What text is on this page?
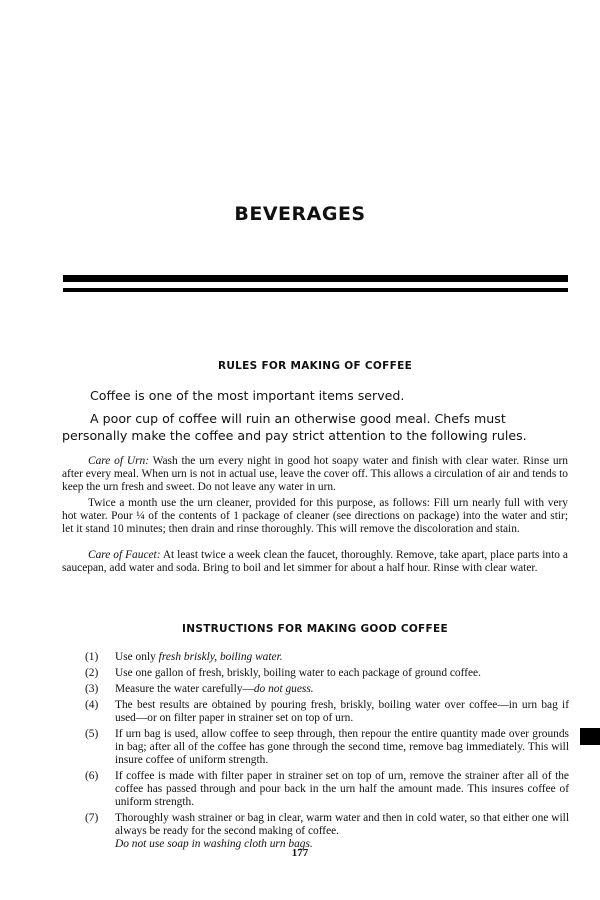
BEVERAGES
RULES FOR MAKING OF COFFEE
Coffee is one of the most important items served.
A poor cup of coffee will ruin an otherwise good meal. Chefs must personally make the coffee and pay strict attention to the following rules.
Care of Urn: Wash the urn every night in good hot soapy water and finish with clear water. Rinse urn after every meal. When urn is not in actual use, leave the cover off. This allows a circulation of air and tends to keep the urn fresh and sweet. Do not leave any water in urn.
Twice a month use the urn cleaner, provided for this purpose, as follows: Fill urn nearly full with very hot water. Pour ¼ of the contents of 1 package of cleaner (see directions on package) into the water and stir; let it stand 10 minutes; then drain and rinse thoroughly. This will remove the discoloration and stain.
Care of Faucet: At least twice a week clean the faucet, thoroughly. Remove, take apart, place parts into a saucepan, add water and soda. Bring to boil and let simmer for about a half hour. Rinse with clear water.
INSTRUCTIONS FOR MAKING GOOD COFFEE
(1)	Use only fresh briskly, boiling water.
(2)	Use one gallon of fresh, briskly, boiling water to each package of ground coffee.
(3)	Measure the water carefully—do not guess.
(4)	The best results are obtained by pouring fresh, briskly, boiling water over coffee—in urn bag if used—or on filter paper in strainer set on top of urn.
(5)	If urn bag is used, allow coffee to seep through, then repour the entire quantity made over grounds in bag; after all of the coffee has gone through the second time, remove bag immediately. This will insure coffee of uniform strength.
(6)	If coffee is made with filter paper in strainer set on top of urn, remove the strainer after all of the coffee has passed through and pour back in the urn half the amount made. This insures coffee of uniform strength.
(7)	Thoroughly wash strainer or bag in clear, warm water and then in cold water, so that either one will always be ready for the second making of coffee.
Do not use soap in washing cloth urn bags.
177
